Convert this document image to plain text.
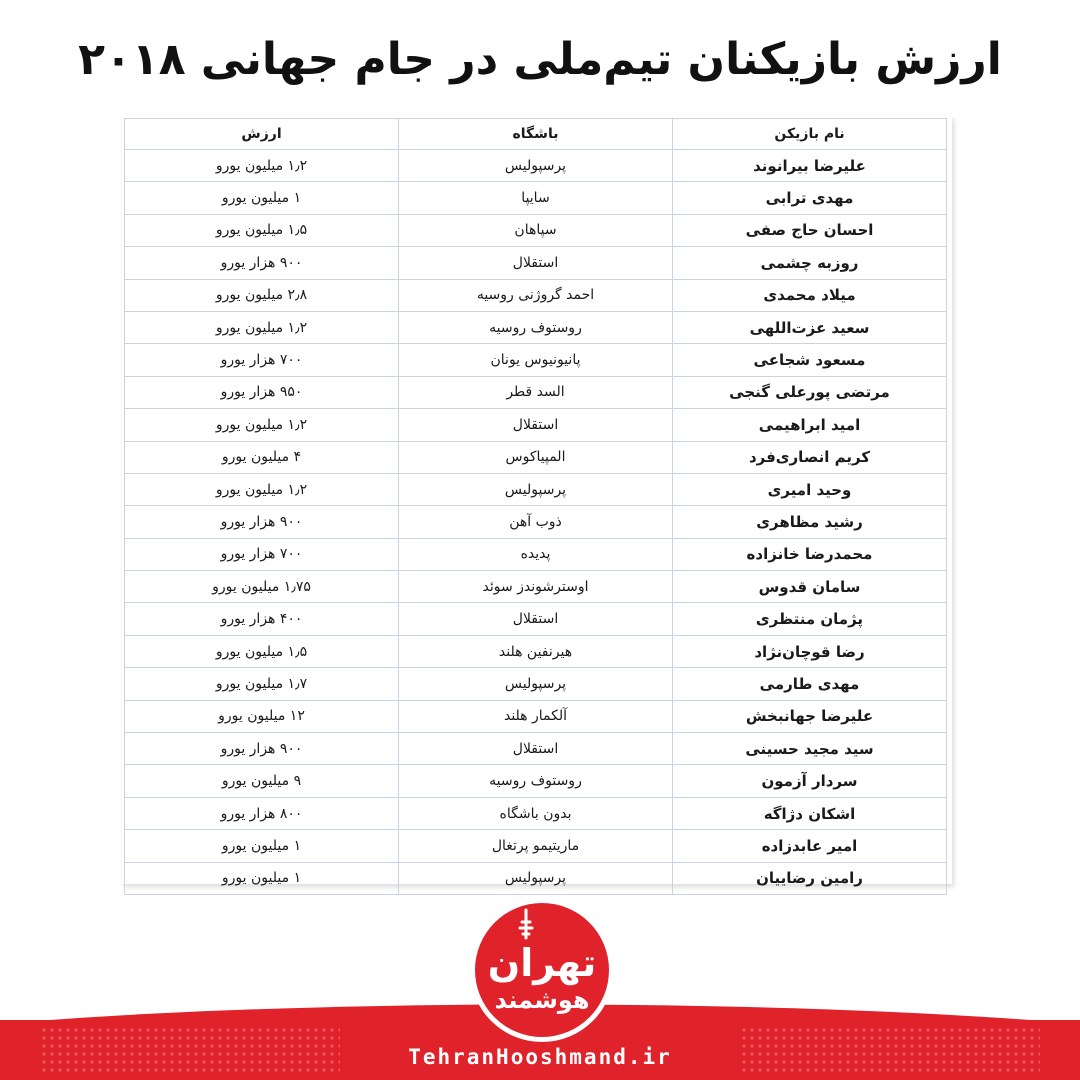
ارزش بازیکنان تیم‌ملی در جام جهانی ۲۰۱۸
نام بازیکن	باشگاه	ارزش
علیرضا بیرانوند	پرسپولیس	۱٫۲ میلیون یورو
مهدی ترابی	سایپا	۱ میلیون یورو
احسان حاج صفی	سپاهان	۱٫۵ میلیون یورو
روزبه چشمی	استقلال	۹۰۰ هزار یورو
میلاد محمدی	احمد گروژنی روسیه	۲٫۸ میلیون یورو
سعید عزت‌اللهی	روستوف روسیه	۱٫۲ میلیون یورو
مسعود شجاعی	پانیونیوس یونان	۷۰۰ هزار یورو
مرتضی پورعلی گنجی	السد قطر	۹۵۰ هزار یورو
امید ابراهیمی	استقلال	۱٫۲ میلیون یورو
کریم انصاری‌فرد	المپیاکوس	۴ میلیون یورو
وحید امیری	پرسپولیس	۱٫۲ میلیون یورو
رشید مظاهری	ذوب آهن	۹۰۰ هزار یورو
محمدرضا خانزاده	پدیده	۷۰۰ هزار یورو
سامان قدوس	اوسترشوندز سوئد	۱٫۷۵ میلیون یورو
پژمان منتظری	استقلال	۴۰۰ هزار یورو
رضا قوچان‌نژاد	هیرنفین هلند	۱٫۵ میلیون یورو
مهدی طارمی	پرسپولیس	۱٫۷ میلیون یورو
علیرضا جهانبخش	آلکمار هلند	۱۲ میلیون یورو
سید مجید حسینی	استقلال	۹۰۰ هزار یورو
سردار آزمون	روستوف روسیه	۹ میلیون یورو
اشکان دژاگه	بدون باشگاه	۸۰۰ هزار یورو
امیر عابدزاده	ماریتیمو پرتغال	۱ میلیون یورو
رامین رضاییان	پرسپولیس	۱ میلیون یورو
TehranHooshmand.ir
تهران
هوشمند
